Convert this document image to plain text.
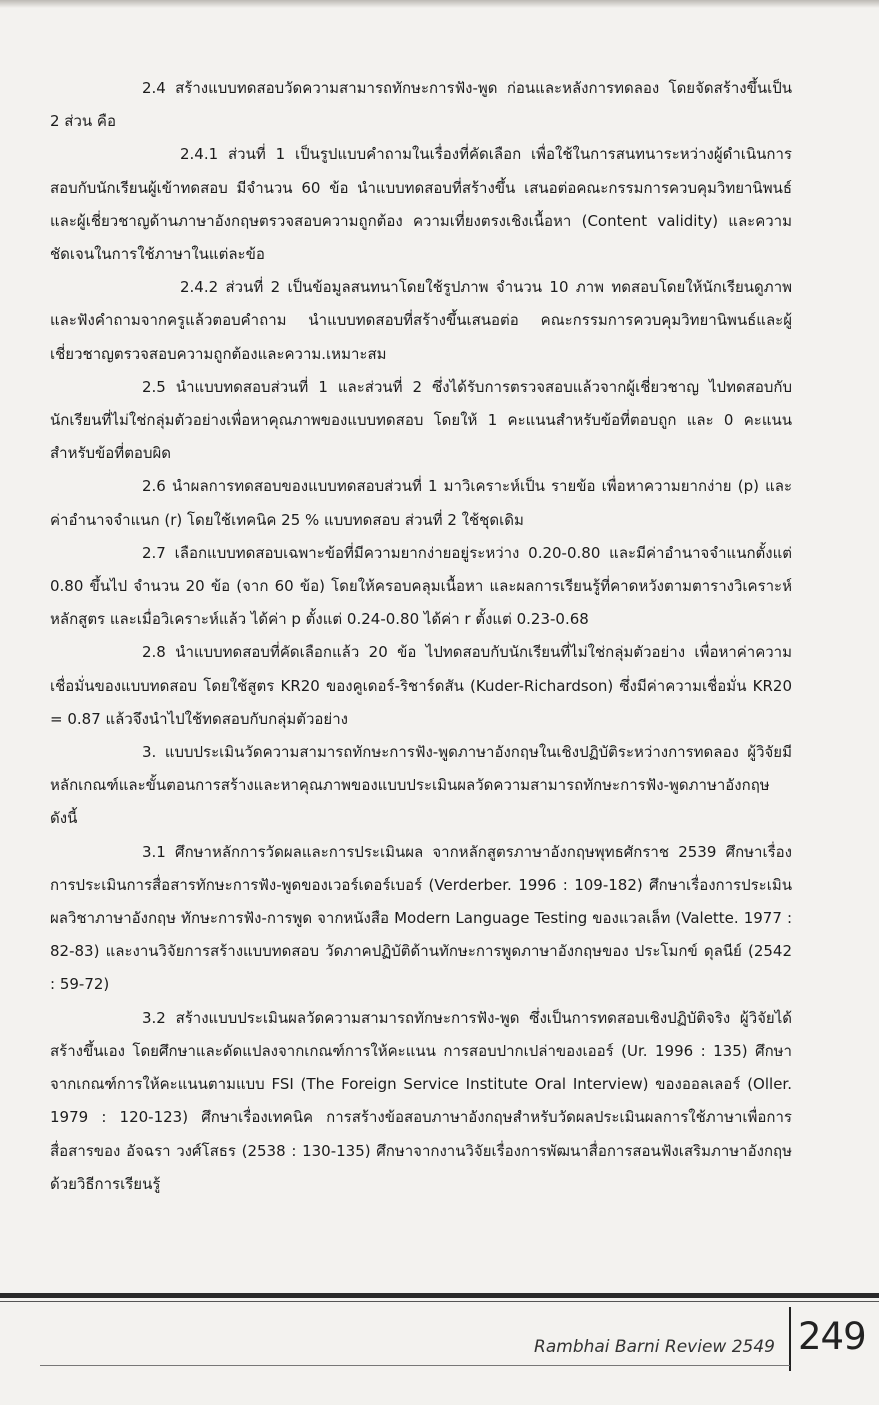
2.4 สร้างแบบทดสอบวัดความสามารถทักษะการฟัง-พูด ก่อนและหลังการทดลอง โดยจัดสร้างขึ้นเป็น 2 ส่วน คือ

2.4.1 ส่วนที่ 1 เป็นรูปแบบคำถามในเรื่องที่คัดเลือก เพื่อใช้ในการสนทนาระหว่างผู้ดำเนินการสอบกับนักเรียนผู้เข้าทดสอบ มีจำนวน 60 ข้อ นำแบบทดสอบที่สร้างขึ้น เสนอต่อคณะกรรมการควบคุมวิทยานิพนธ์และผู้เชี่ยวชาญด้านภาษาอังกฤษตรวจสอบความถูกต้อง ความเที่ยงตรงเชิงเนื้อหา (Content validity) และความชัดเจนในการใช้ภาษาในแต่ละข้อ

2.4.2 ส่วนที่ 2 เป็นข้อมูลสนทนาโดยใช้รูปภาพ จำนวน 10 ภาพ ทดสอบโดยให้นักเรียนดูภาพและฟังคำถามจากครูแล้วตอบคำถาม นำแบบทดสอบที่สร้างขึ้นเสนอต่อ คณะกรรมการควบคุมวิทยานิพนธ์และผู้เชี่ยวชาญตรวจสอบความถูกต้องและความ.เหมาะสม

2.5 นำแบบทดสอบส่วนที่ 1 และส่วนที่ 2 ซึ่งได้รับการตรวจสอบแล้วจากผู้เชี่ยวชาญ ไปทดสอบกับนักเรียนที่ไม่ใช่กลุ่มตัวอย่างเพื่อหาคุณภาพของแบบทดสอบ โดยให้ 1 คะแนนสำหรับข้อที่ตอบถูก และ 0 คะแนนสำหรับข้อที่ตอบผิด

2.6 นำผลการทดสอบของแบบทดสอบส่วนที่ 1 มาวิเคราะห์เป็น รายข้อ เพื่อหาความยากง่าย (p) และค่าอำนาจจำแนก (r) โดยใช้เทคนิค 25 % แบบทดสอบ ส่วนที่ 2 ใช้ชุดเดิม

2.7 เลือกแบบทดสอบเฉพาะข้อที่มีความยากง่ายอยู่ระหว่าง 0.20-0.80 และมีค่าอำนาจจำแนกตั้งแต่ 0.80 ขึ้นไป จำนวน 20 ข้อ (จาก 60 ข้อ) โดยให้ครอบคลุมเนื้อหา และผลการเรียนรู้ที่คาดหวังตามตารางวิเคราะห์หลักสูตร และเมื่อวิเคราะห์แล้ว ได้ค่า p ตั้งแต่ 0.24-0.80 ได้ค่า r ตั้งแต่ 0.23-0.68

2.8 นำแบบทดสอบที่คัดเลือกแล้ว 20 ข้อ ไปทดสอบกับนักเรียนที่ไม่ใช่กลุ่มตัวอย่าง เพื่อหาค่าความเชื่อมั่นของแบบทดสอบ โดยใช้สูตร KR20 ของคูเดอร์-ริชาร์ดสัน (Kuder-Richardson) ซึ่งมีค่าความเชื่อมั่น KR20 = 0.87 แล้วจึงนำไปใช้ทดสอบกับกลุ่มตัวอย่าง

3. แบบประเมินวัดความสามารถทักษะการฟัง-พูดภาษาอังกฤษในเชิงปฏิบัติระหว่างการทดลอง ผู้วิจัยมีหลักเกณฑ์และขั้นตอนการสร้างและหาคุณภาพของแบบประเมินผลวัดความสามารถทักษะการฟัง-พูดภาษาอังกฤษ ดังนี้

3.1 ศึกษาหลักการวัดผลและการประเมินผล จากหลักสูตรภาษาอังกฤษพุทธศักราช 2539 ศึกษาเรื่องการประเมินการสื่อสารทักษะการฟัง-พูดของเวอร์เดอร์เบอร์ (Verderber. 1996 : 109-182) ศึกษาเรื่องการประเมินผลวิชาภาษาอังกฤษ ทักษะการฟัง-การพูด จากหนังสือ Modern Language Testing ของแวลเล็ท (Valette. 1977 : 82-83) และงานวิจัยการสร้างแบบทดสอบ วัดภาคปฏิบัติด้านทักษะการพูดภาษาอังกฤษของ ประโมกข์ ดุลนีย์ (2542 : 59-72)

3.2 สร้างแบบประเมินผลวัดความสามารถทักษะการฟัง-พูด ซึ่งเป็นการทดสอบเชิงปฏิบัติจริง ผู้วิจัยได้สร้างขึ้นเอง โดยศึกษาและดัดแปลงจากเกณฑ์การให้คะแนน การสอบปากเปล่าของเออร์ (Ur. 1996 : 135) ศึกษาจากเกณฑ์การให้คะแนนตามแบบ FSI (The Foreign Service Institute Oral Interview) ของออลเลอร์ (Oller. 1979 : 120-123) ศึกษาเรื่องเทคนิค การสร้างข้อสอบภาษาอังกฤษสำหรับวัดผลประเมินผลการใช้ภาษาเพื่อการสื่อสารของ อัจฉรา วงศ์โสธร (2538 : 130-135) ศึกษาจากงานวิจัยเรื่องการพัฒนาสื่อการสอนฟังเสริมภาษาอังกฤษ ด้วยวิธีการเรียนรู้

Rambhai Barni Review 2549 249
